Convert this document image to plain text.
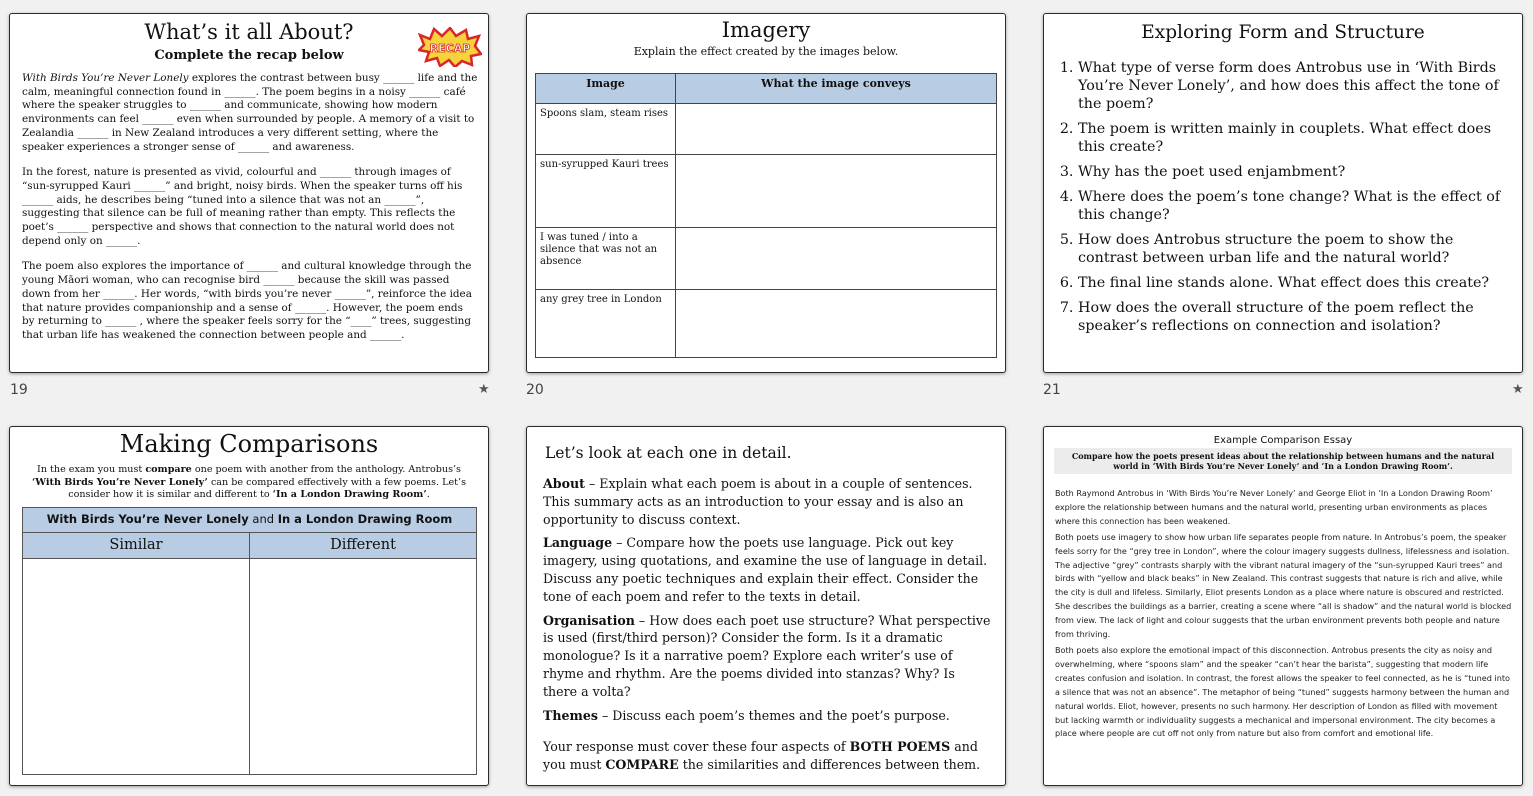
What’s it all About?
Complete the recap below	RECAP

With Birds You’re Never Lonely explores the contrast between busy ______ life and the calm, meaningful connection found in ______. The poem begins in a noisy ______ café where the speaker struggles to ______ and communicate, showing how modern environments can feel ______ even when surrounded by people. A memory of a visit to Zealandia ______ in New Zealand introduces a very different setting, where the speaker experiences a stronger sense of ______ and awareness.

In the forest, nature is presented as vivid, colourful and ______ through images of “sun-syrupped Kauri ______” and bright, noisy birds. When the speaker turns off his ______ aids, he describes being “tuned into a silence that was not an ______”, suggesting that silence can be full of meaning rather than empty. This reflects the poet’s ______ perspective and shows that connection to the natural world does not depend only on ______.

The poem also explores the importance of ______ and cultural knowledge through the young Māori woman, who can recognise bird ______ because the skill was passed down from her ______. Her words, “with birds you’re never ______”, reinforce the idea that nature provides companionship and a sense of ______. However, the poem ends by returning to ______ , where the speaker feels sorry for the “____” trees, suggesting that urban life has weakened the connection between people and ______.

19	★
Imagery
Explain the effect created by the images below.
Image	What the image conveys
Spoons slam, steam rises	
sun-syrupped Kauri trees	
I was tuned / into a silence that was not an absence	
any grey tree in London	
20
Exploring Form and Structure
1. What type of verse form does Antrobus use in ‘With Birds You’re Never Lonely’, and how does this affect the tone of the poem?
2. The poem is written mainly in couplets. What effect does this create?
3. Why has the poet used enjambment?
4. Where does the poem’s tone change? What is the effect of this change?
5. How does Antrobus structure the poem to show the contrast between urban life and the natural world?
6. The final line stands alone. What effect does this create?
7. How does the overall structure of the poem reflect the speaker’s reflections on connection and isolation?
21	★
Making Comparisons
In the exam you must compare one poem with another from the anthology. Antrobus’s ‘With Birds You’re Never Lonely’ can be compared effectively with a few poems. Let’s consider how it is similar and different to ‘In a London Drawing Room’.
With Birds You’re Never Lonely and In a London Drawing Room
Similar	Different
Let’s look at each one in detail.

About – Explain what each poem is about in a couple of sentences. This summary acts as an introduction to your essay and is also an opportunity to discuss context.

Language – Compare how the poets use language. Pick out key imagery, using quotations, and examine the use of language in detail. Discuss any poetic techniques and explain their effect. Consider the tone of each poem and refer to the texts in detail.

Organisation – How does each poet use structure? What perspective is used (first/third person)? Consider the form. Is it a dramatic monologue? Is it a narrative poem? Explore each writer’s use of rhyme and rhythm. Are the poems divided into stanzas? Why? Is there a volta?

Themes – Discuss each poem’s themes and the poet’s purpose.

Your response must cover these four aspects of BOTH POEMS and you must COMPARE the similarities and differences between them.

Example Comparison Essay
Compare how the poets present ideas about the relationship between humans and the natural world in ‘With Birds You’re Never Lonely’ and ‘In a London Drawing Room’.

Both Raymond Antrobus in ‘With Birds You’re Never Lonely’ and George Eliot in ‘In a London Drawing Room’ explore the relationship between humans and the natural world, presenting urban environments as places where this connection has been weakened.

Both poets use imagery to show how urban life separates people from nature. In Antrobus’s poem, the speaker feels sorry for the “grey tree in London”, where the colour imagery suggests dullness, lifelessness and isolation. The adjective “grey” contrasts sharply with the vibrant natural imagery of the “sun-syrupped Kauri trees” and birds with “yellow and black beaks” in New Zealand. This contrast suggests that nature is rich and alive, while the city is dull and lifeless. Similarly, Eliot presents London as a place where nature is obscured and restricted. She describes the buildings as a barrier, creating a scene where “all is shadow” and the natural world is blocked from view. The lack of light and colour suggests that the urban environment prevents both people and nature from thriving.

Both poets also explore the emotional impact of this disconnection. Antrobus presents the city as noisy and overwhelming, where “spoons slam” and the speaker “can’t hear the barista”, suggesting that modern life creates confusion and isolation. In contrast, the forest allows the speaker to feel connected, as he is “tuned into a silence that was not an absence”. The metaphor of being “tuned” suggests harmony between the human and natural worlds. Eliot, however, presents no such harmony. Her description of London as filled with movement but lacking warmth or individuality suggests a mechanical and impersonal environment. The city becomes a place where people are cut off not only from nature but also from comfort and emotional life.
